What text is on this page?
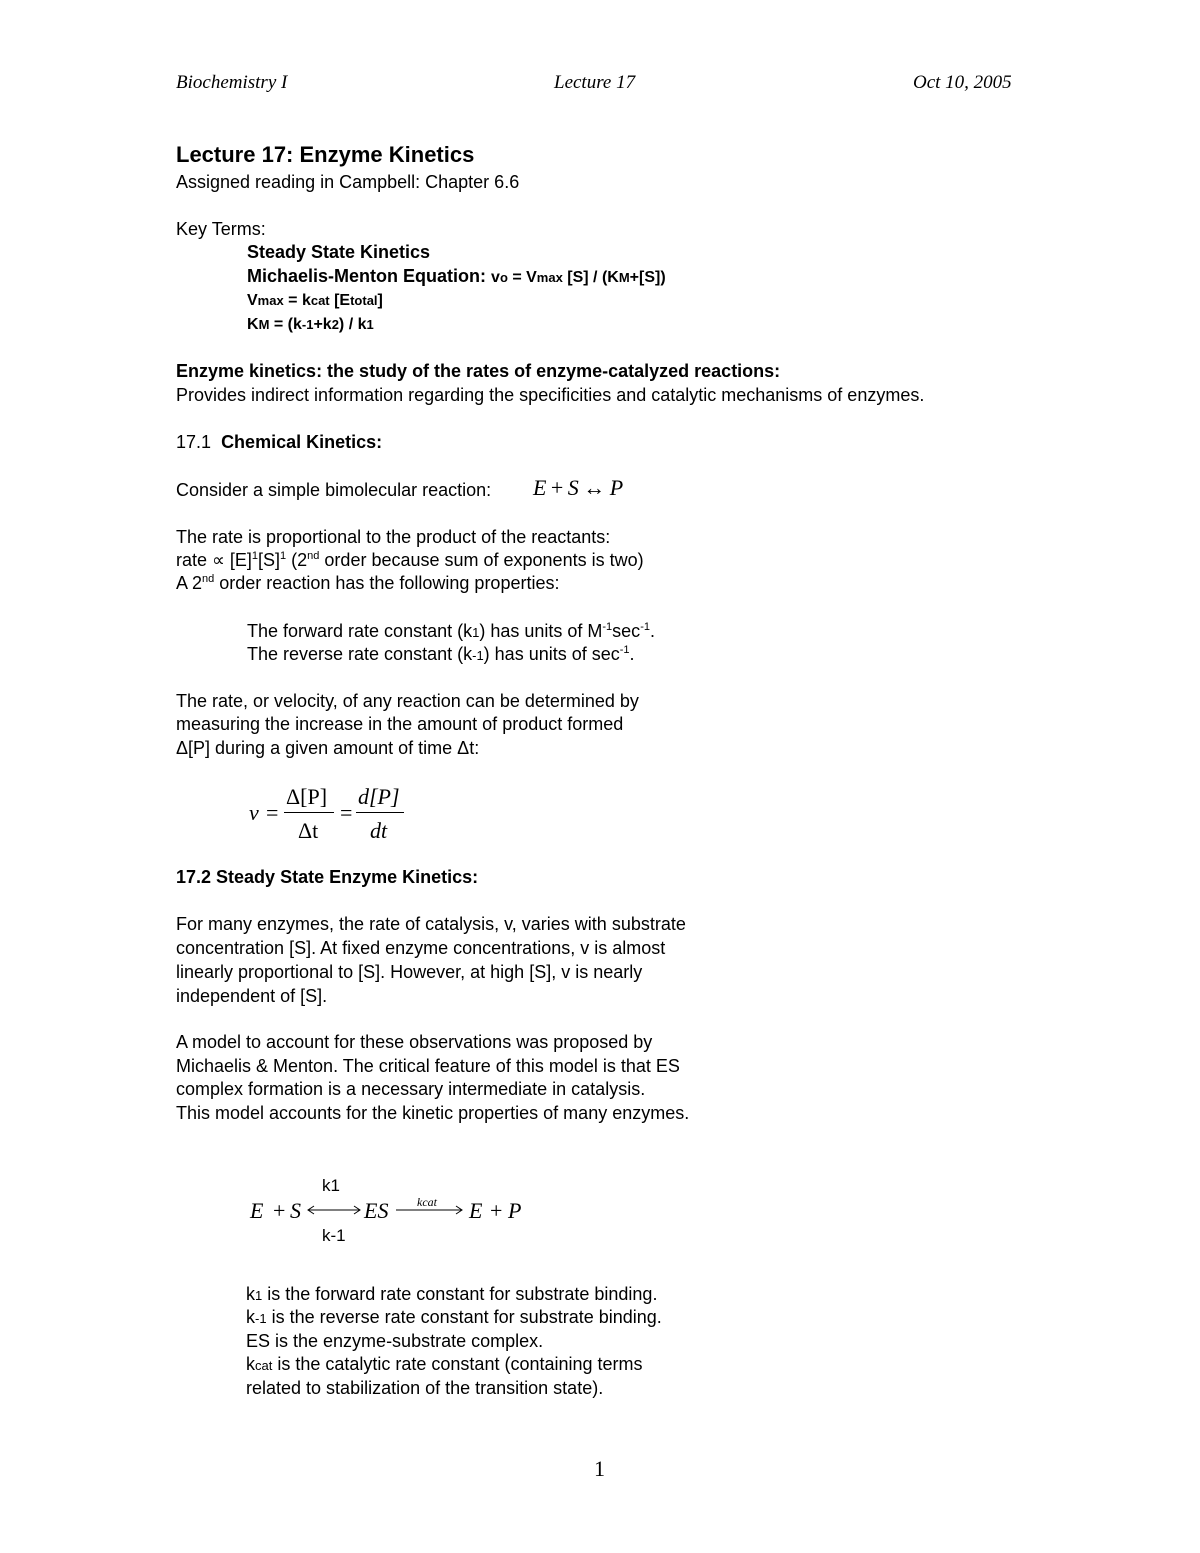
Biochemistry I	Lecture 17	Oct 10, 2005
Lecture 17: Enzyme Kinetics
Assigned reading in Campbell: Chapter 6.6
Key Terms:
Steady State Kinetics
Michaelis-Menton Equation: vo = Vmax [S] / (KM+[S])
Vmax = kcat [Etotal]
KM = (k-1+k2) / k1
Enzyme kinetics: the study of the rates of enzyme-catalyzed reactions:
Provides indirect information regarding the specificities and catalytic mechanisms of enzymes.
17.1 Chemical Kinetics:
Consider a simple bimolecular reaction: E + S ↔ P
The rate is proportional to the product of the reactants:
rate ∝ $[E]^1[S]^1$ (2nd order because sum of exponents is two)
A 2nd order reaction has the following properties:
The forward rate constant (k1) has units of $M^{-1}\sec^{-1}$.
The reverse rate constant (k-1) has units of $\sec^{-1}$.
The rate, or velocity, of any reaction can be determined by
measuring the increase in the amount of product formed
Δ[P] during a given amount of time Δt:
v =
Δ[P]
Δt
=
d[P]
dt
17.2 Steady State Enzyme Kinetics:
For many enzymes, the rate of catalysis, v, varies with substrate
concentration [S]. At fixed enzyme concentrations, v is almost
linearly proportional to [S]. However, at high [S], v is nearly
independent of [S].
A model to account for these observations was proposed by
Michaelis & Menton. The critical feature of this model is that ES
complex formation is a necessary intermediate in catalysis.
This model accounts for the kinetic properties of many enzymes.
k1
k-1
E + S	ES kcat E + P
k1 is the forward rate constant for substrate binding.
k-1 is the reverse rate constant for substrate binding.
ES is the enzyme-substrate complex.
kcat is the catalytic rate constant (containing terms
related to stabilization of the transition state).
1
